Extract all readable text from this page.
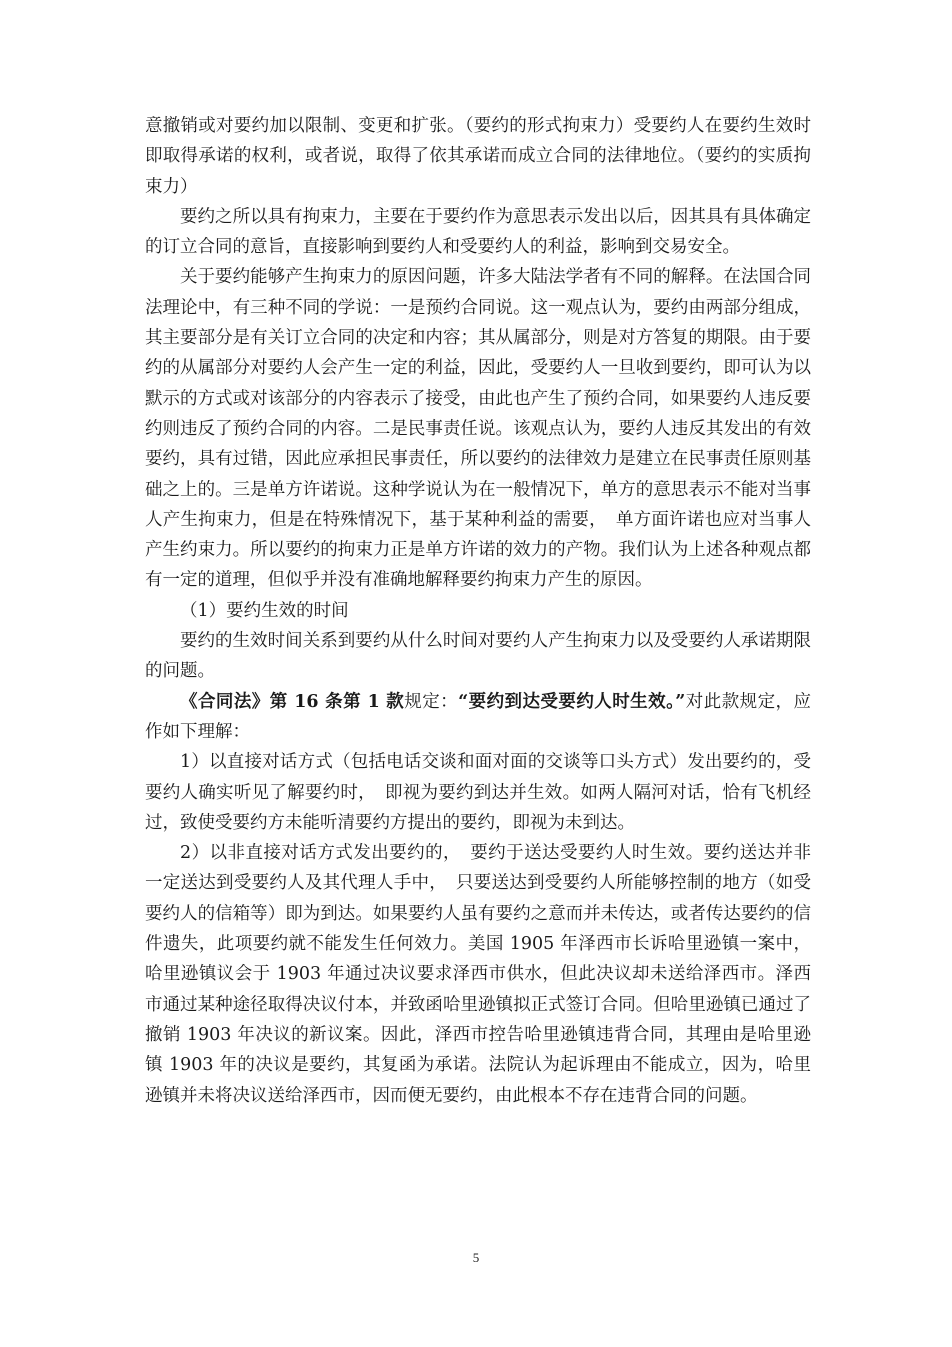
意撤销或对要约加以限制、变更和扩张。（要约的形式拘束力）受要约人在要约生效时即取得承诺的权利，或者说，取得了依其承诺而成立合同的法律地位。（要约的实质拘束力）

要约之所以具有拘束力，主要在于要约作为意思表示发出以后，因其具有具体确定的订立合同的意旨，直接影响到要约人和受要约人的利益，影响到交易安全。

关于要约能够产生拘束力的原因问题，许多大陆法学者有不同的解释。在法国合同法理论中，有三种不同的学说：一是预约合同说。这一观点认为，要约由两部分组成，其主要部分是有关订立合同的决定和内容；其从属部分，则是对方答复的期限。由于要约的从属部分对要约人会产生一定的利益，因此，受要约人一旦收到要约，即可认为以默示的方式或对该部分的内容表示了接受，由此也产生了预约合同，如果要约人违反要约则违反了预约合同的内容。二是民事责任说。该观点认为，要约人违反其发出的有效要约，具有过错，因此应承担民事责任，所以要约的法律效力是建立在民事责任原则基础之上的。三是单方许诺说。这种学说认为在一般情况下，单方的意思表示不能对当事人产生拘束力，但是在特殊情况下，基于某种利益的需要，　单方面许诺也应对当事人产生约束力。所以要约的拘束力正是单方许诺的效力的产物。我们认为上述各种观点都有一定的道理，但似乎并没有准确地解释要约拘束力产生的原因。

（1）要约生效的时间

要约的生效时间关系到要约从什么时间对要约人产生拘束力以及受要约人承诺期限的问题。

《合同法》第 16 条第 1 款规定：“要约到达受要约人时生效。”对此款规定，应作如下理解：

1）以直接对话方式（包括电话交谈和面对面的交谈等口头方式）发出要约的，受要约人确实听见了解要约时，　即视为要约到达并生效。如两人隔河对话，恰有飞机经过，致使受要约方未能听清要约方提出的要约，即视为未到达。

2）以非直接对话方式发出要约的，　要约于送达受要约人时生效。要约送达并非一定送达到受要约人及其代理人手中，　只要送达到受要约人所能够控制的地方（如受要约人的信箱等）即为到达。如果要约人虽有要约之意而并未传达，或者传达要约的信件遗失，此项要约就不能发生任何效力。美国 1905 年泽西市长诉哈里逊镇一案中，哈里逊镇议会于 1903 年通过决议要求泽西市供水，但此决议却未送给泽西市。泽西市通过某种途径取得决议付本，并致函哈里逊镇拟正式签订合同。但哈里逊镇已通过了撤销 1903 年决议的新议案。因此，泽西市控告哈里逊镇违背合同，其理由是哈里逊镇 1903 年的决议是要约，其复函为承诺。法院认为起诉理由不能成立，因为，哈里逊镇并未将决议送给泽西市，因而便无要约，由此根本不存在违背合同的问题。

5
